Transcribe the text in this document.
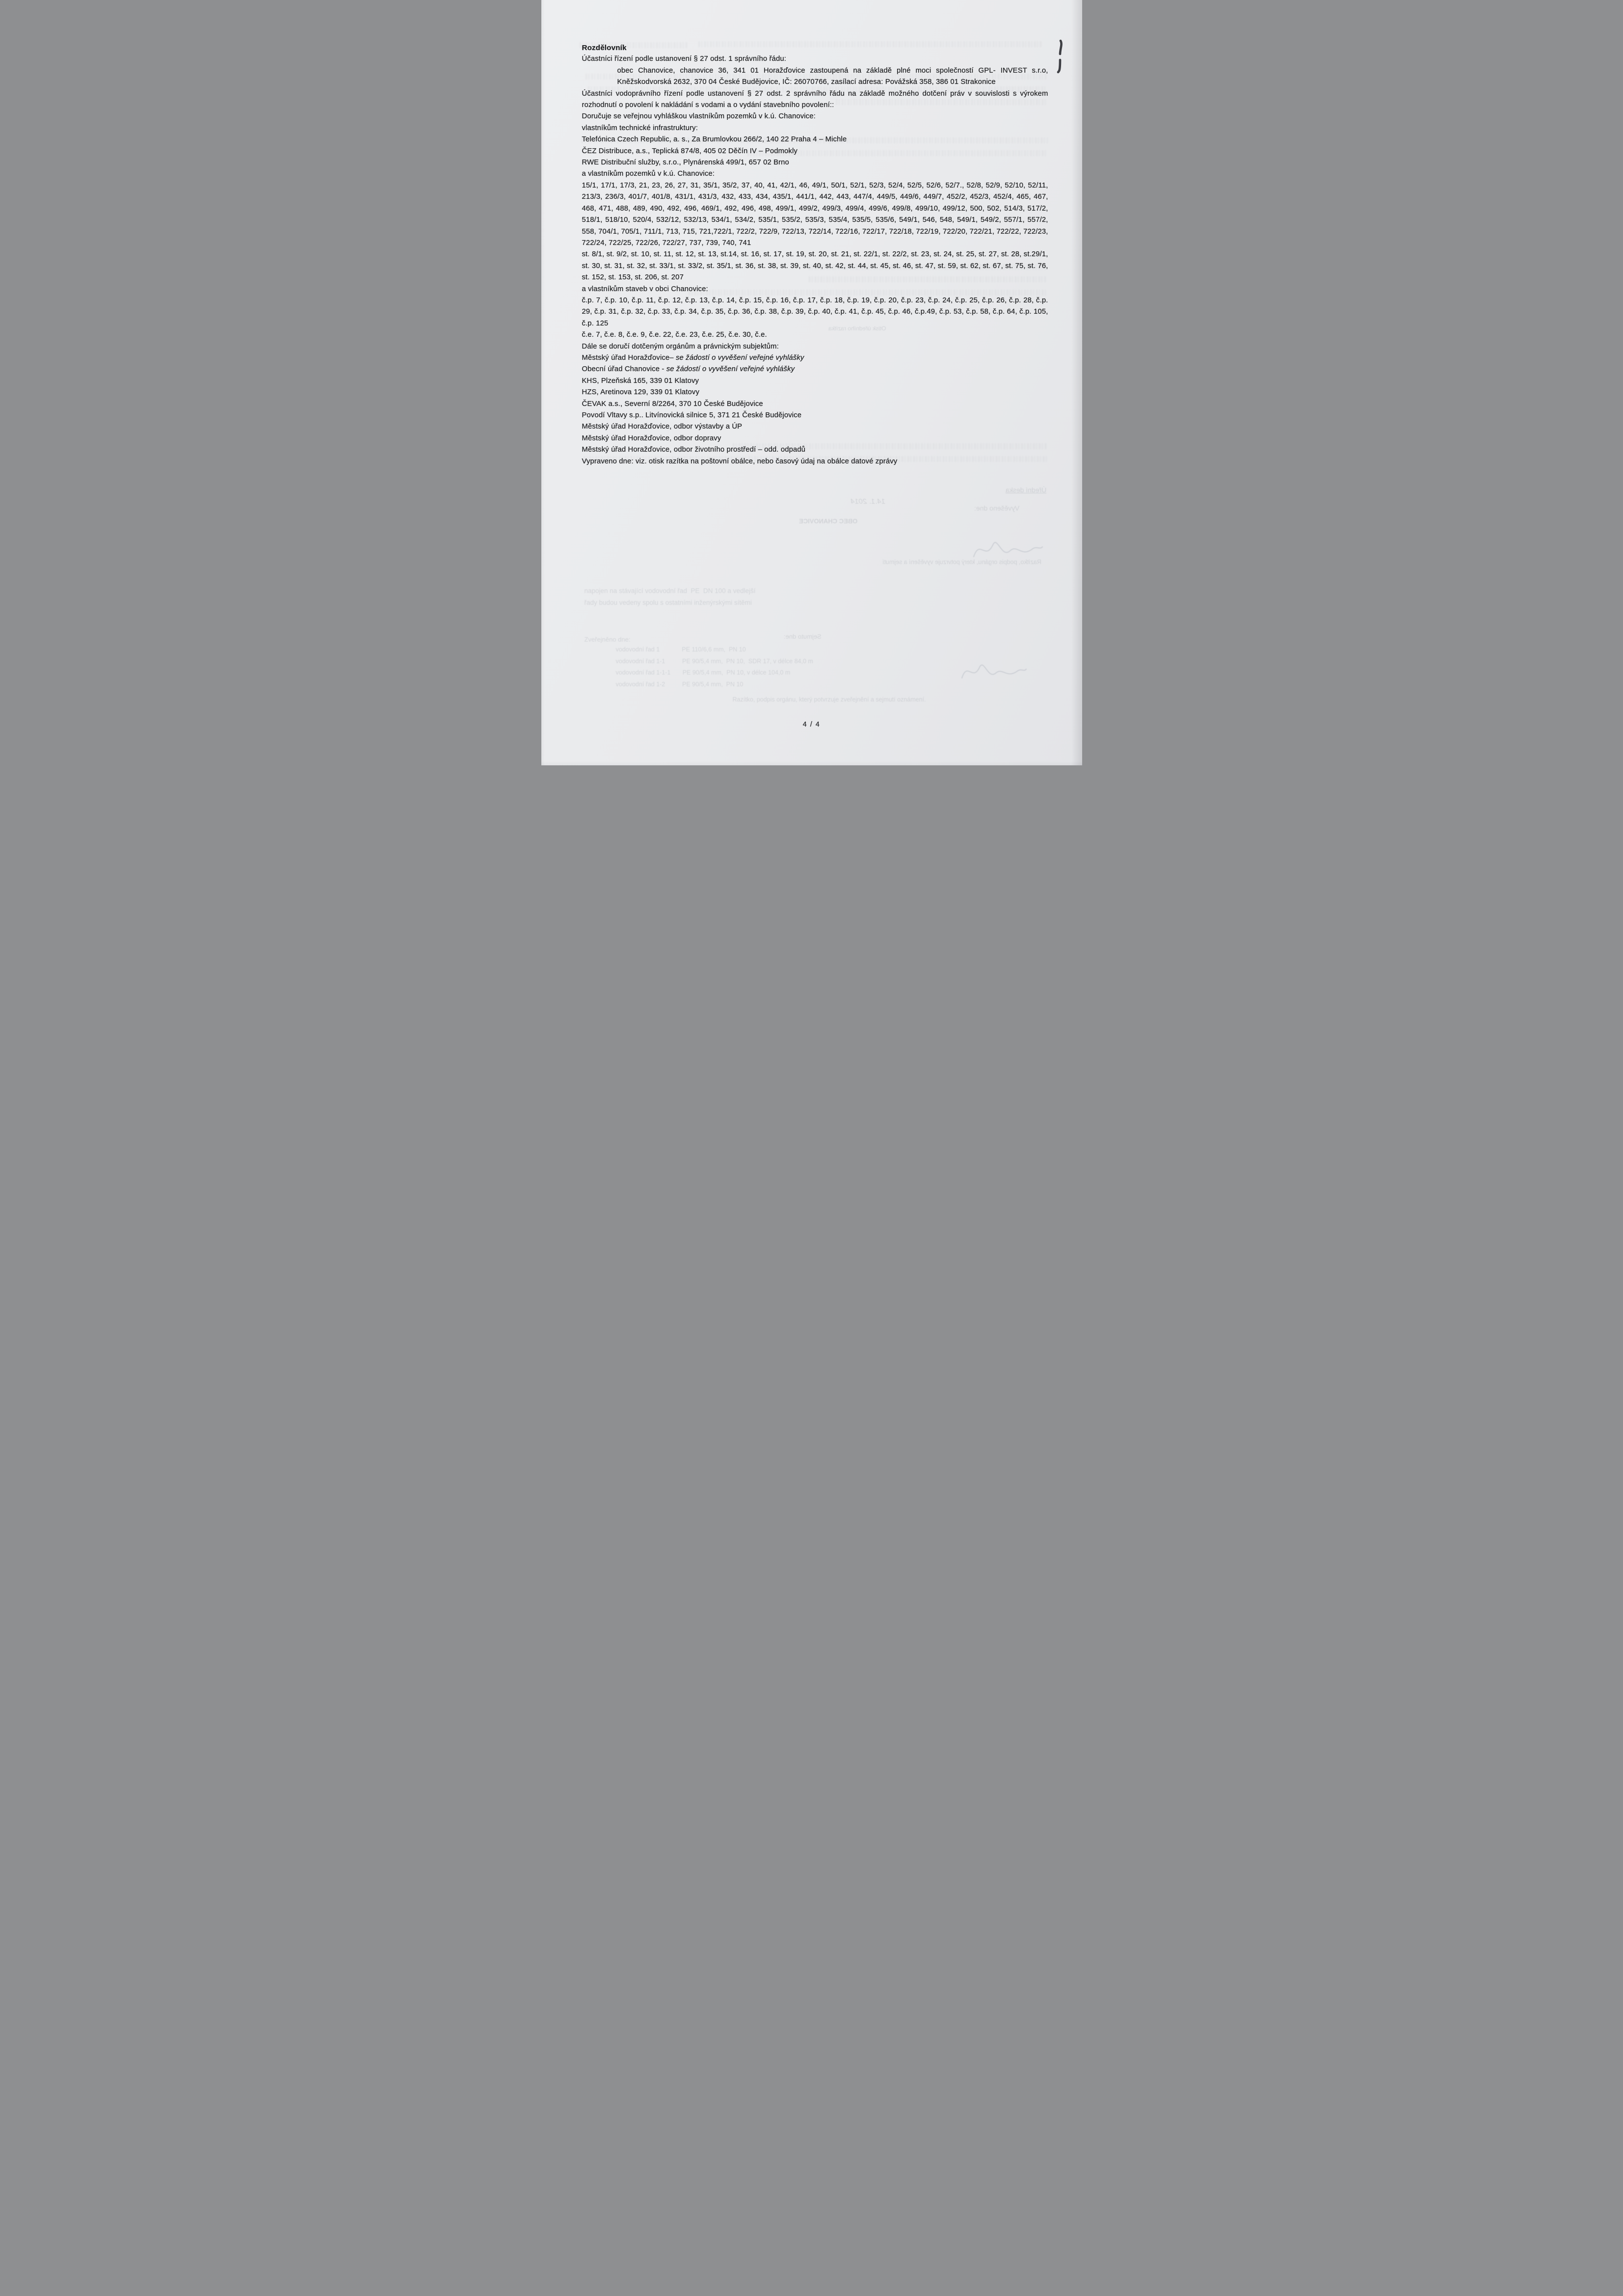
Otisk úředního razítka
Úřední deska
Vyvěšeno dne:
14.1. 2014
OBEC CHANOVICE
Razítko, podpis orgánu, který potvrzuje vyvěšení a sejmutí
napojen na stávající vodovodní řad  PE  DN 100 a vedlejší
řady budou vedeny spolu s ostatními inženýrskými sítěmi
Sejmuto dne:
Zveřejněno dne:
vodovodní řad 1             PE 110/6,6 mm,  PN 10
vodovodní řad 1-1          PE 90/5,4 mm,  PN 10,  SDR 17, v délce 84,0 m
vodovodní řad 1-1-1       PE 90/5,4 mm,  PN 10, v délce 104,0 m
vodovodní řad 1-2          PE 90/5,4 mm,  PN 10
Razítko, podpis orgánu, který potvrzuje zveřejnění a sejmutí oznámení.
Rozdělovník

Účastníci řízení podle ustanovení § 27 odst. 1 správního řádu:

obec Chanovice, chanovice 36, 341 01 Horažďovice zastoupená na základě plné moci společností GPL- INVEST s.r.o, Kněžskodvorská 2632, 370 04 České Budějovice, IČ: 26070766, zasílací adresa: Povážská 358, 386 01 Strakonice

Účastníci vodoprávního řízení podle ustanovení § 27 odst. 2 správního řádu na základě možného dotčení práv v souvislosti s výrokem rozhodnutí o povolení k nakládání s vodami a o vydání stavebního povolení::

Doručuje se veřejnou vyhláškou vlastníkům pozemků v k.ú. Chanovice:

vlastníkům technické infrastruktury:

Telefónica Czech Republic, a. s., Za Brumlovkou 266/2, 140 22 Praha 4 – Michle

ČEZ Distribuce, a.s., Teplická 874/8, 405 02 Děčín IV – Podmokly

RWE Distribuční služby, s.r.o., Plynárenská 499/1, 657 02 Brno

a vlastníkům pozemků v k.ú. Chanovice:

15/1, 17/1, 17/3, 21, 23, 26, 27, 31, 35/1, 35/2, 37, 40, 41, 42/1, 46, 49/1, 50/1, 52/1, 52/3, 52/4, 52/5, 52/6, 52/7., 52/8, 52/9, 52/10, 52/11, 213/3, 236/3, 401/7, 401/8, 431/1, 431/3, 432, 433, 434, 435/1, 441/1, 442, 443, 447/4, 449/5, 449/6, 449/7, 452/2, 452/3, 452/4, 465, 467, 468, 471, 488, 489, 490, 492, 496, 469/1, 492, 496, 498, 499/1, 499/2, 499/3, 499/4, 499/6, 499/8, 499/10, 499/12, 500, 502, 514/3, 517/2, 518/1, 518/10, 520/4, 532/12, 532/13, 534/1, 534/2, 535/1, 535/2, 535/3, 535/4, 535/5, 535/6, 549/1, 546, 548, 549/1, 549/2, 557/1, 557/2, 558, 704/1, 705/1, 711/1, 713, 715, 721,722/1, 722/2, 722/9, 722/13, 722/14, 722/16, 722/17, 722/18, 722/19, 722/20, 722/21, 722/22, 722/23, 722/24, 722/25, 722/26, 722/27, 737, 739, 740, 741

st. 8/1, st. 9/2, st. 10, st. 11, st. 12, st. 13, st.14, st. 16, st. 17, st. 19, st. 20, st. 21, st. 22/1, st. 22/2, st. 23, st. 24, st. 25, st. 27, st. 28, st.29/1, st. 30, st. 31, st. 32, st. 33/1, st. 33/2, st. 35/1, st. 36, st. 38, st. 39, st. 40, st. 42, st. 44, st. 45, st. 46, st. 47, st. 59, st. 62, st. 67, st. 75, st. 76, st. 152, st. 153, st. 206, st. 207

a vlastníkům staveb v obci Chanovice:

č.p. 7, č.p. 10, č.p. 11, č.p. 12, č.p. 13, č.p. 14, č.p. 15, č.p. 16, č.p. 17, č.p. 18, č.p. 19, č.p. 20, č.p. 23, č.p. 24, č.p. 25, č.p. 26, č.p. 28, č.p. 29, č.p. 31, č.p. 32, č.p. 33, č.p. 34, č.p. 35, č.p. 36, č.p. 38, č.p. 39, č.p. 40, č.p. 41, č.p. 45, č.p. 46, č.p.49, č.p. 53, č.p. 58, č.p. 64, č.p. 105, č.p. 125

č.e. 7, č.e. 8, č.e. 9, č.e. 22, č.e. 23, č.e. 25, č.e. 30, č.e.

Dále se doručí dotčeným orgánům a právnickým subjektům:

Městský úřad Horažďovice– se žádostí o vyvěšení veřejné vyhlášky

Obecní úřad Chanovice - se žádostí o vyvěšení veřejné vyhlášky

KHS, Plzeňská 165, 339 01 Klatovy

HZS, Aretinova 129, 339 01 Klatovy

ČEVAK a.s., Severní 8/2264, 370 10 České Budějovice

Povodí Vltavy s.p.. Litvínovická silnice 5, 371 21 České Budějovice

Městský úřad Horažďovice, odbor výstavby a ÚP

Městský úřad Horažďovice, odbor dopravy

Městský úřad Horažďovice, odbor životního prostředí – odd. odpadů

Vypraveno dne: viz. otisk razítka na poštovní obálce, nebo časový údaj na obálce datové zprávy

4 / 4
